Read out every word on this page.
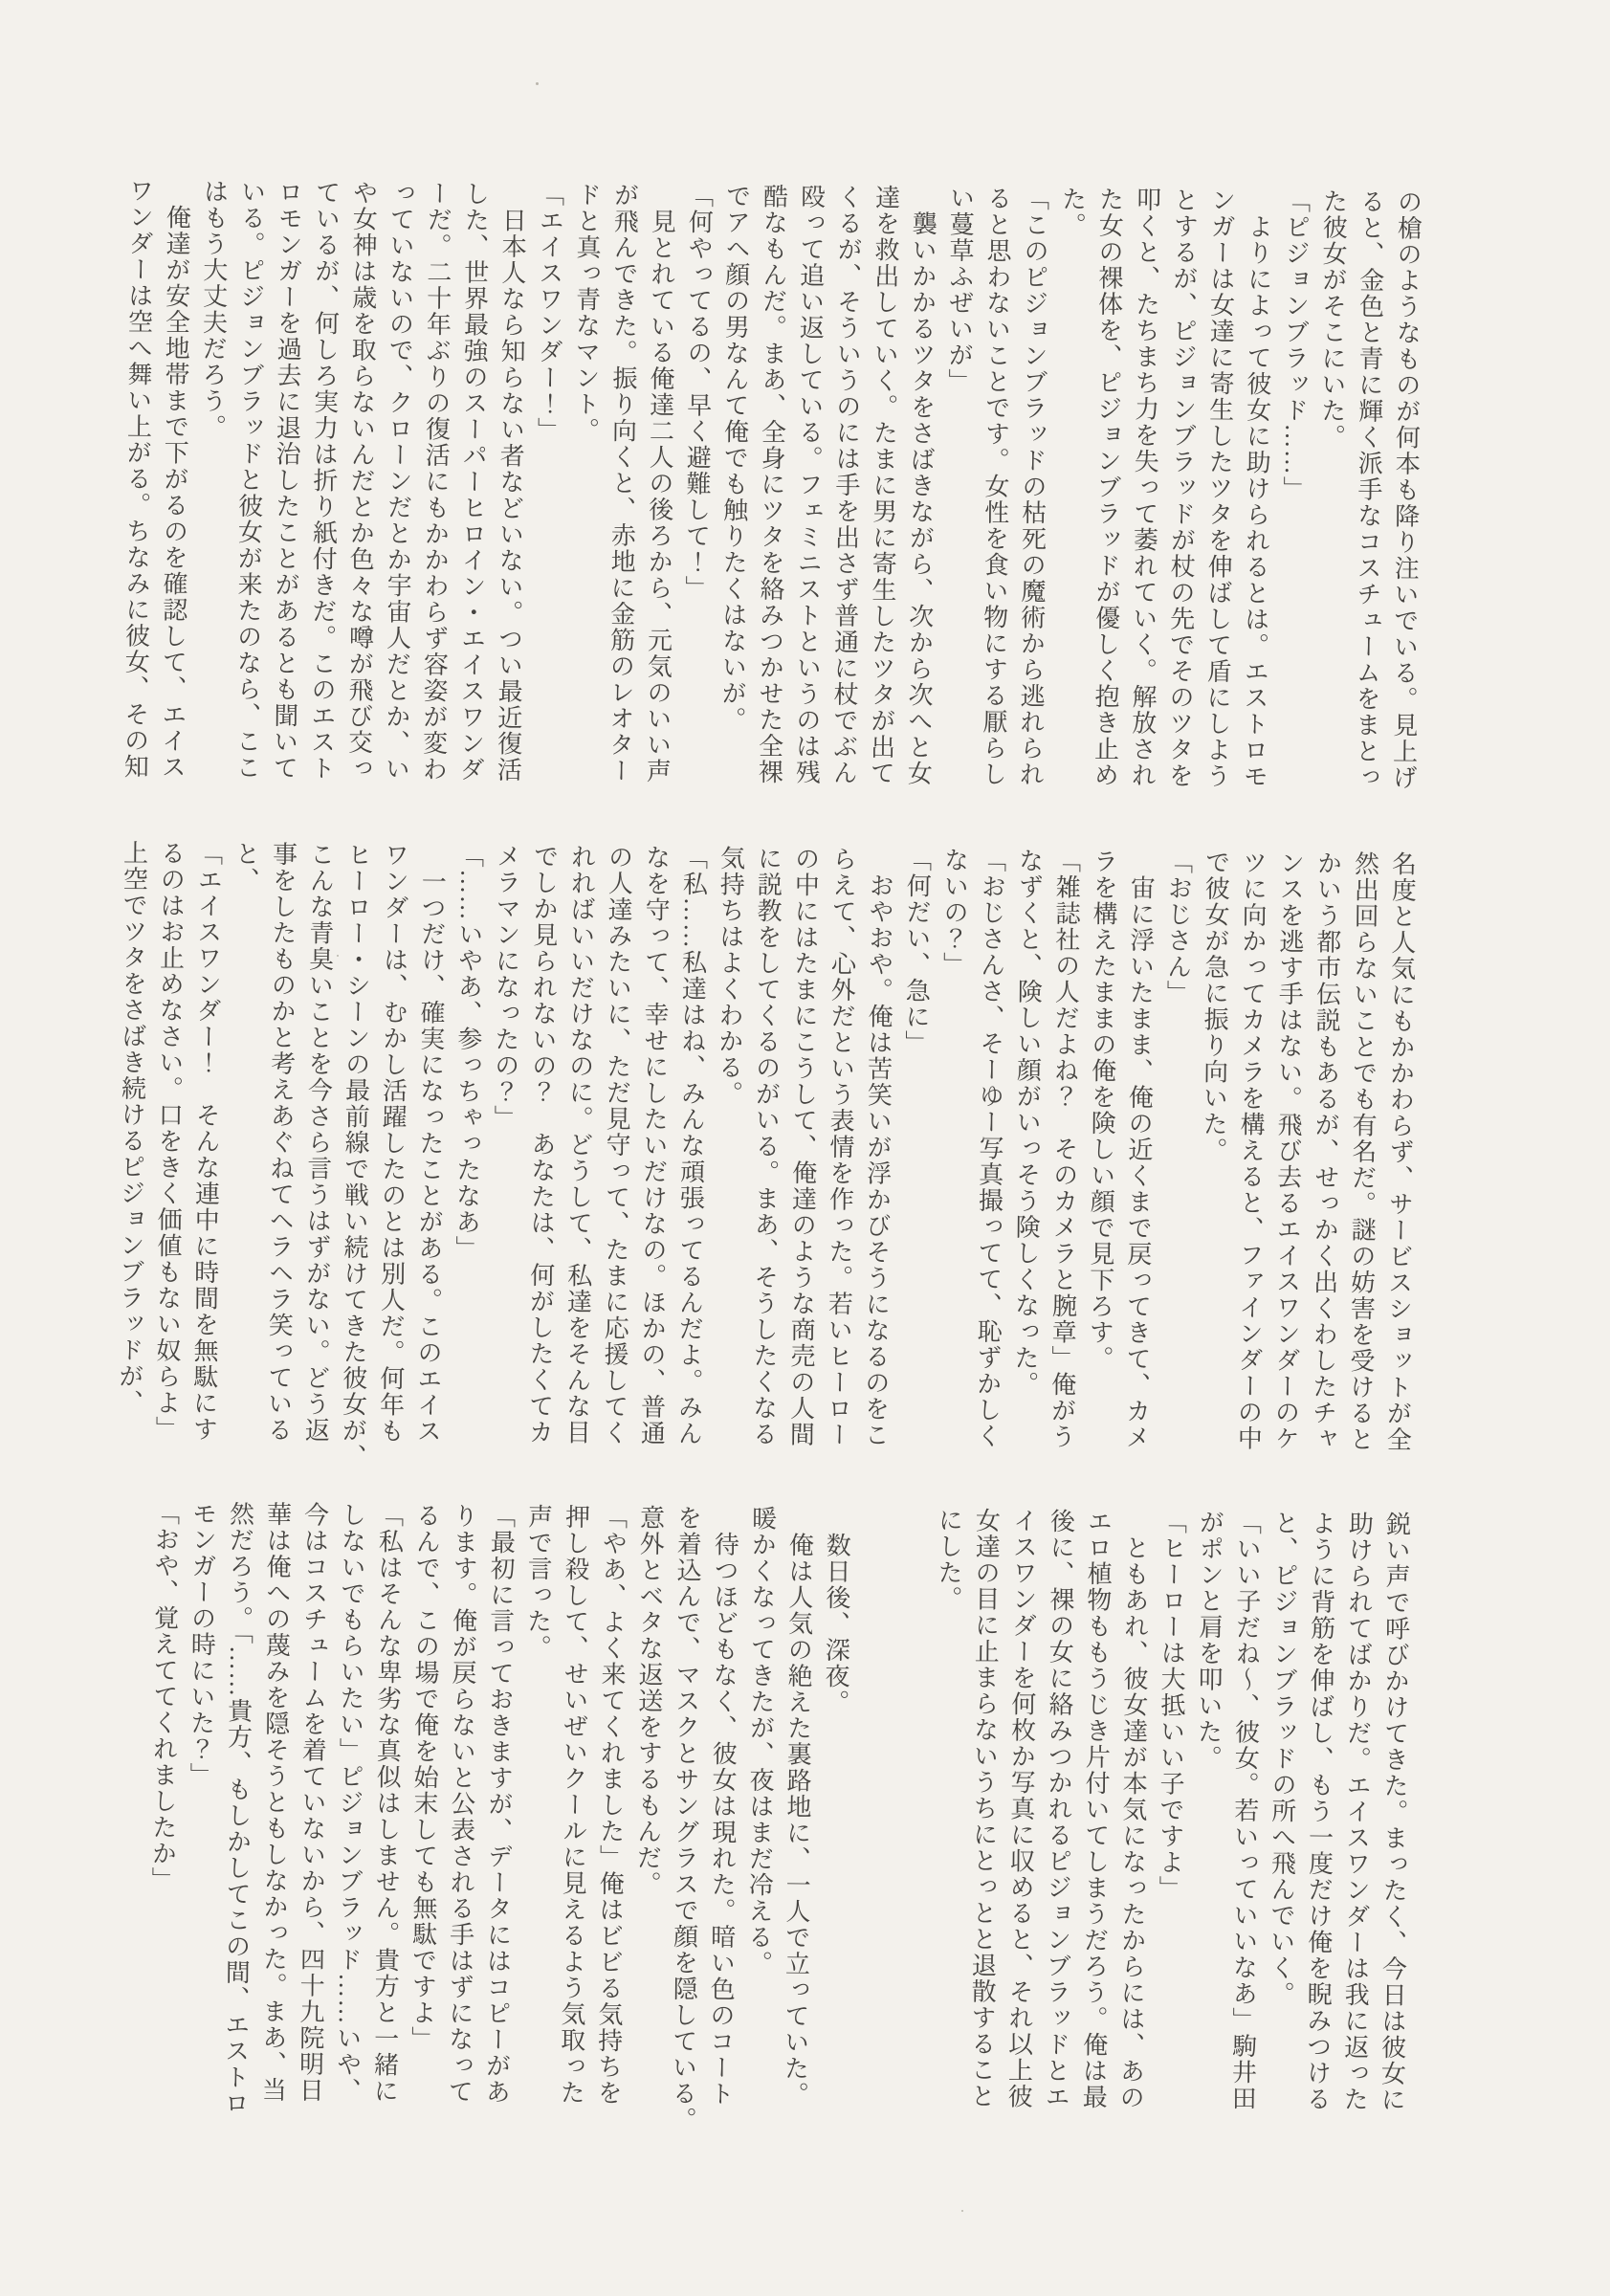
の槍のようなものが何本も降り注いでいる。見上げ
ると、金色と青に輝く派手なコスチュームをまとっ
た彼女がそこにいた。
「ピジョンブラッド……」
　よりによって彼女に助けられるとは。エストロモ
ンガーは女達に寄生したツタを伸ばして盾にしよう
とするが、ピジョンブラッドが杖の先でそのツタを
叩くと、たちまち力を失って萎れていく。解放され
た女の裸体を、ピジョンブラッドが優しく抱き止め
た。
「このピジョンブラッドの枯死の魔術から逃れられ
ると思わないことです。女性を食い物にする厭らし
い蔓草ふぜいが」
　襲いかかるツタをさばきながら、次から次へと女
達を救出していく。たまに男に寄生したツタが出て
くるが、そういうのには手を出さず普通に杖でぶん
殴って追い返している。フェミニストというのは残
酷なもんだ。まあ、全身にツタを絡みつかせた全裸
でアヘ顔の男なんて俺でも触りたくはないが。
「何やってるの、早く避難して！」
　見とれている俺達二人の後ろから、元気のいい声
が飛んできた。振り向くと、赤地に金筋のレオター
ドと真っ青なマント。
「エイスワンダー！」
　日本人なら知らない者などいない。つい最近復活
した、世界最強のスーパーヒロイン・エイスワンダ
ーだ。二十年ぶりの復活にもかかわらず容姿が変わ
っていないので、クローンだとか宇宙人だとか、い
や女神は歳を取らないんだとか色々な噂が飛び交っ
ているが、何しろ実力は折り紙付きだ。このエスト
ロモンガーを過去に退治したことがあるとも聞いて
いる。ピジョンブラッドと彼女が来たのなら、ここ
はもう大丈夫だろう。
　俺達が安全地帯まで下がるのを確認して、エイス
ワンダーは空へ舞い上がる。ちなみに彼女、その知
名度と人気にもかかわらず、サービスショットが全
然出回らないことでも有名だ。謎の妨害を受けると
かいう都市伝説もあるが、せっかく出くわしたチャ
ンスを逃す手はない。飛び去るエイスワンダーのケ
ツに向かってカメラを構えると、ファインダーの中
で彼女が急に振り向いた。
「おじさん」
　宙に浮いたまま、俺の近くまで戻ってきて、カメ
ラを構えたままの俺を険しい顔で見下ろす。
「雑誌社の人だよね？　そのカメラと腕章」俺がう
なずくと、険しい顔がいっそう険しくなった。
「おじさんさ、そーゆー写真撮ってて、恥ずかしく
ないの？」
「何だい、急に」
　おやおや。俺は苦笑いが浮かびそうになるのをこ
らえて、心外だという表情を作った。若いヒーロー
の中にはたまにこうして、俺達のような商売の人間
に説教をしてくるのがいる。まあ、そうしたくなる
気持ちはよくわかる。
「私……私達はね、みんな頑張ってるんだよ。みん
なを守って、幸せにしたいだけなの。ほかの、普通
の人達みたいに、ただ見守って、たまに応援してく
れればいいだけなのに。どうして、私達をそんな目
でしか見られないの？　あなたは、何がしたくてカ
メラマンになったの？」
「……いやあ、参っちゃったなあ」
　一つだけ、確実になったことがある。このエイス
ワンダーは、むかし活躍したのとは別人だ。何年も
ヒーロー・シーンの最前線で戦い続けてきた彼女が、
こんな青臭いことを今さら言うはずがない。どう返
事をしたものかと考えあぐねてヘラヘラ笑っている
と、
「エイスワンダー！　そんな連中に時間を無駄にす
るのはお止めなさい。口をきく価値もない奴らよ」
上空でツタをさばき続けるピジョンブラッドが、
鋭い声で呼びかけてきた。まったく、今日は彼女に
助けられてばかりだ。エイスワンダーは我に返った
ように背筋を伸ばし、もう一度だけ俺を睨みつける
と、ピジョンブラッドの所へ飛んでいく。
「いい子だね～、彼女。若いっていいなあ」駒井田
がポンと肩を叩いた。
「ヒーローは大抵いい子ですよ」
　ともあれ、彼女達が本気になったからには、あの
エロ植物ももうじき片付いてしまうだろう。俺は最
後に、裸の女に絡みつかれるピジョンブラッドとエ
イスワンダーを何枚か写真に収めると、それ以上彼
女達の目に止まらないうちにとっとと退散すること
にした。

　数日後、深夜。
　俺は人気の絶えた裏路地に、一人で立っていた。
暖かくなってきたが、夜はまだ冷える。
　待つほどもなく、彼女は現れた。暗い色のコート
を着込んで、マスクとサングラスで顔を隠している。
意外とベタな返送をするもんだ。
「やあ、よく来てくれました」俺はビビる気持ちを
押し殺して、せいぜいクールに見えるよう気取った
声で言った。
「最初に言っておきますが、データにはコピーがあ
ります。俺が戻らないと公表される手はずになって
るんで、この場で俺を始末しても無駄ですよ」
「私はそんな卑劣な真似はしません。貴方と一緒に
しないでもらいたい」ピジョンブラッド……いや、
今はコスチュームを着ていないから、四十九院明日
華は俺への蔑みを隠そうともしなかった。まあ、当
然だろう。「……貴方、もしかしてこの間、エストロ
モンガーの時にいた？」
「おや、覚えててくれましたか」
